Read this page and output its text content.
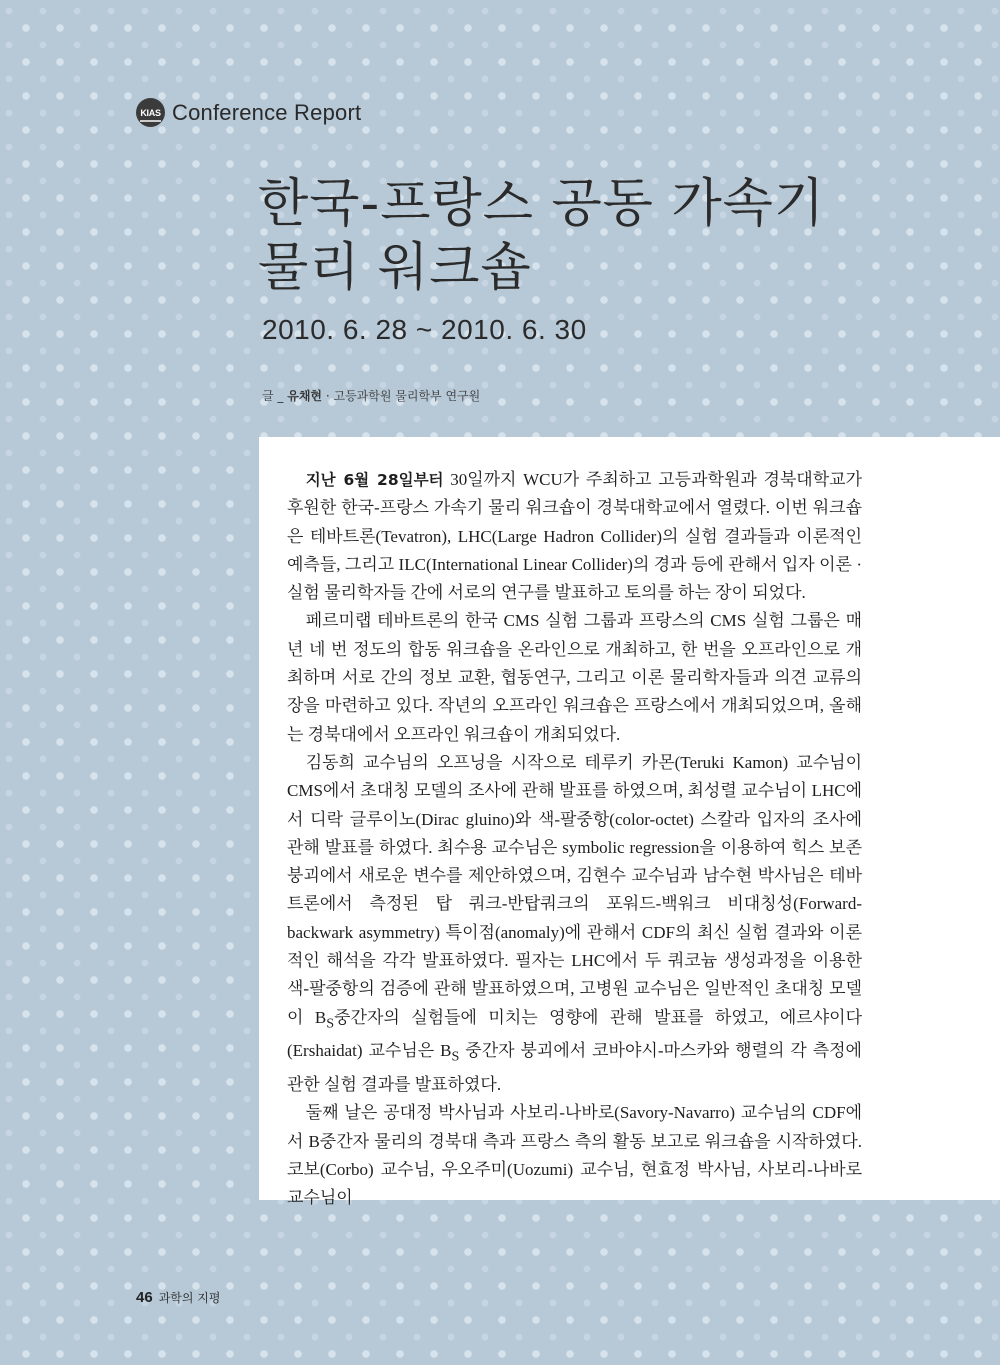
KIAS Conference Report
한국-프랑스 공동 가속기
물리 워크숍
2010. 6. 28 ~ 2010. 6. 30
글 _ 유채현 · 고등과학원 물리학부 연구원

지난 6월 28일부터 30일까지 WCU가 주최하고 고등과학원과 경북대학교가 후원한 한국-프랑스 가속기 물리 워크숍이 경북대학교에서 열렸다. 이번 워크숍은 테바트론(Tevatron), LHC(Large Hadron Collider)의 실험 결과들과 이론적인 예측들, 그리고 ILC(International Linear Collider)의 경과 등에 관해서 입자 이론 · 실험 물리학자들 간에 서로의 연구를 발표하고 토의를 하는 장이 되었다.

페르미랩 테바트론의 한국 CMS 실험 그룹과 프랑스의 CMS 실험 그룹은 매년 네 번 정도의 합동 워크숍을 온라인으로 개최하고, 한 번을 오프라인으로 개최하며 서로 간의 정보 교환, 협동연구, 그리고 이론 물리학자들과 의견 교류의 장을 마련하고 있다. 작년의 오프라인 워크숍은 프랑스에서 개최되었으며, 올해는 경북대에서 오프라인 워크숍이 개최되었다.

김동희 교수님의 오프닝을 시작으로 테루키 카몬(Teruki Kamon) 교수님이 CMS에서 초대칭 모델의 조사에 관해 발표를 하였으며, 최성렬 교수님이 LHC에서 디락 글루이노(Dirac gluino)와 색-팔중항(color-octet) 스칼라 입자의 조사에 관해 발표를 하였다. 최수용 교수님은 symbolic regression을 이용하여 힉스 보존 붕괴에서 새로운 변수를 제안하였으며, 김현수 교수님과 남수현 박사님은 테바트론에서 측정된 탑 쿼크-반탑쿼크의 포워드-백워크 비대칭성(Forward-backwark asymmetry) 특이점(anomaly)에 관해서 CDF의 최신 실험 결과와 이론적인 해석을 각각 발표하였다. 필자는 LHC에서 두 쿼코늄 생성과정을 이용한 색-팔중항의 검증에 관해 발표하였으며, 고병원 교수님은 일반적인 초대칭 모델이 $B_S$중간자의 실험들에 미치는 영향에 관해 발표를 하였고, 에르샤이다(Ershaidat) 교수님은 $B_S$ 중간자 붕괴에서 코바야시-마스카와 행렬의 각 측정에 관한 실험 결과를 발표하였다.

둘째 날은 공대정 박사님과 사보리-나바로(Savory-Navarro) 교수님의 CDF에서 B중간자 물리의 경북대 측과 프랑스 측의 활동 보고로 워크숍을 시작하였다. 코보(Corbo) 교수님, 우오주미(Uozumi) 교수님, 현효정 박사님, 사보리-나바로 교수님이

46 과학의 지평
